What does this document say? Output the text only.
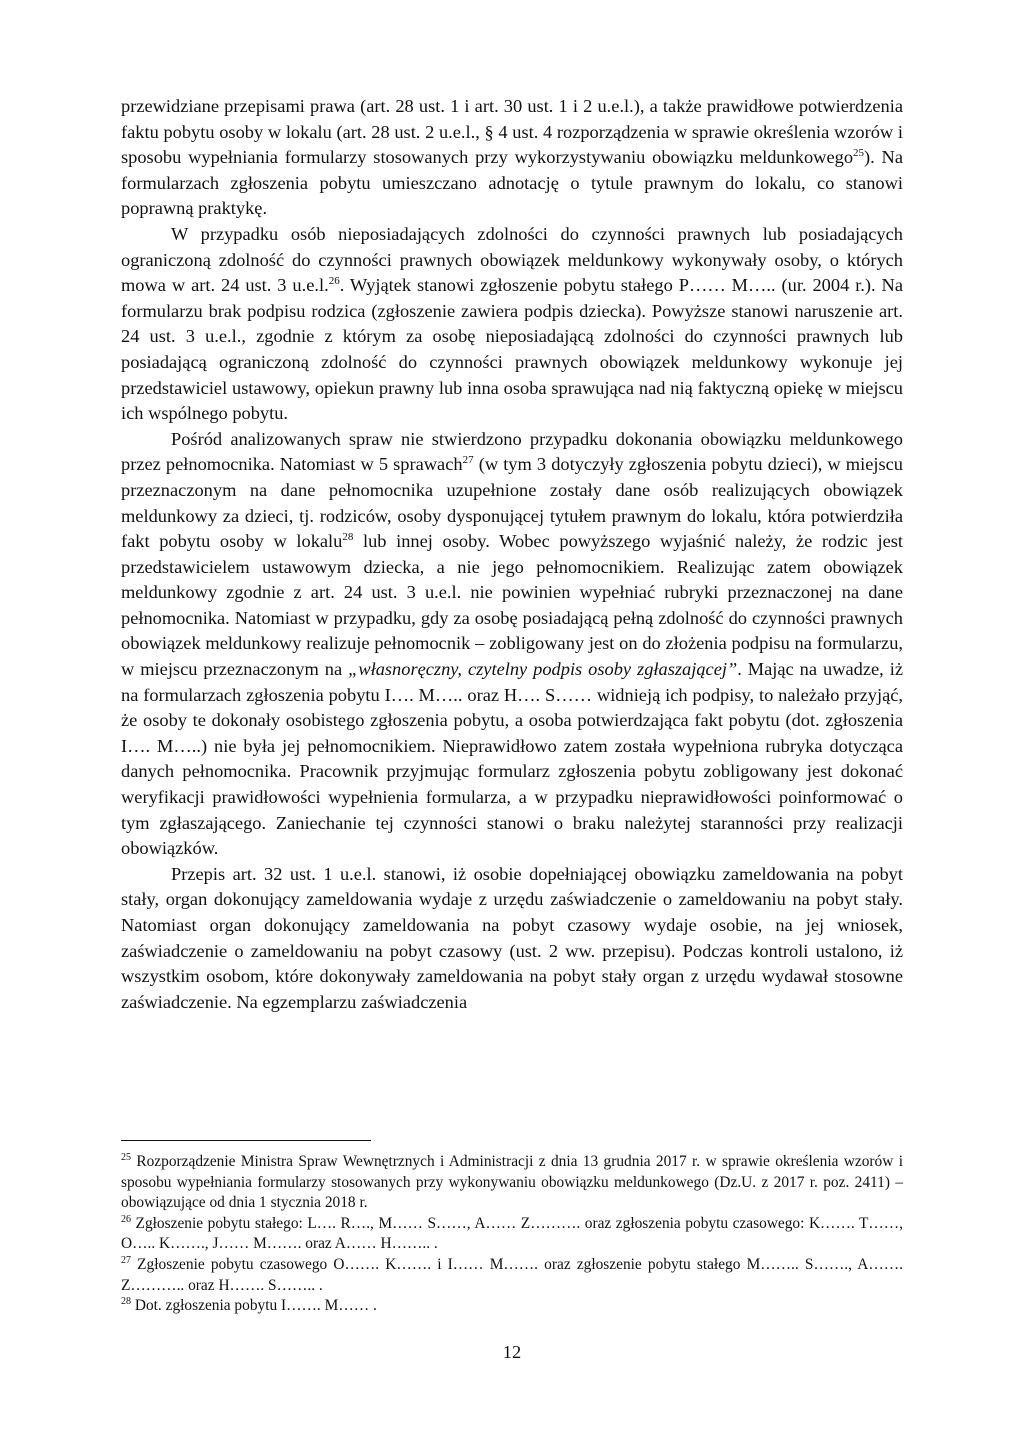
przewidziane przepisami prawa (art. 28 ust. 1 i art. 30 ust. 1 i 2 u.e.l.), a także prawidłowe potwierdzenia faktu pobytu osoby w lokalu (art. 28 ust. 2 u.e.l., § 4 ust. 4 rozporządzenia w sprawie określenia wzorów i sposobu wypełniania formularzy stosowanych przy wykorzystywaniu obowiązku meldunkowego$^{25}$). Na formularzach zgłoszenia pobytu umieszczano adnotację o tytule prawnym do lokalu, co stanowi poprawną praktykę.

W przypadku osób nieposiadających zdolności do czynności prawnych lub posiadających ograniczoną zdolność do czynności prawnych obowiązek meldunkowy wykonywały osoby, o których mowa w art. 24 ust. 3 u.e.l.$^{26}$. Wyjątek stanowi zgłoszenie pobytu stałego P…… M….. (ur. 2004 r.). Na formularzu brak podpisu rodzica (zgłoszenie zawiera podpis dziecka). Powyższe stanowi naruszenie art. 24 ust. 3 u.e.l., zgodnie z którym za osobę nieposiadającą zdolności do czynności prawnych lub posiadającą ograniczoną zdolność do czynności prawnych obowiązek meldunkowy wykonuje jej przedstawiciel ustawowy, opiekun prawny lub inna osoba sprawująca nad nią faktyczną opiekę w miejscu ich wspólnego pobytu.

Pośród analizowanych spraw nie stwierdzono przypadku dokonania obowiązku meldunkowego przez pełnomocnika. Natomiast w 5 sprawach$^{27}$ (w tym 3 dotyczyły zgłoszenia pobytu dzieci), w miejscu przeznaczonym na dane pełnomocnika uzupełnione zostały dane osób realizujących obowiązek meldunkowy za dzieci, tj. rodziców, osoby dysponującej tytułem prawnym do lokalu, która potwierdziła fakt pobytu osoby w lokalu$^{28}$ lub innej osoby. Wobec powyższego wyjaśnić należy, że rodzic jest przedstawicielem ustawowym dziecka, a nie jego pełnomocnikiem. Realizując zatem obowiązek meldunkowy zgodnie z art. 24 ust. 3 u.e.l. nie powinien wypełniać rubryki przeznaczonej na dane pełnomocnika. Natomiast w przypadku, gdy za osobę posiadającą pełną zdolność do czynności prawnych obowiązek meldunkowy realizuje pełnomocnik – zobligowany jest on do złożenia podpisu na formularzu, w miejscu przeznaczonym na „własnoręczny, czytelny podpis osoby zgłaszającej”. Mając na uwadze, iż na formularzach zgłoszenia pobytu I…. M….. oraz H…. S…… widnieją ich podpisy, to należało przyjąć, że osoby te dokonały osobistego zgłoszenia pobytu, a osoba potwierdzająca fakt pobytu (dot. zgłoszenia I…. M…..) nie była jej pełnomocnikiem. Nieprawidłowo zatem została wypełniona rubryka dotycząca danych pełnomocnika. Pracownik przyjmując formularz zgłoszenia pobytu zobligowany jest dokonać weryfikacji prawidłowości wypełnienia formularza, a w przypadku nieprawidłowości poinformować o tym zgłaszającego. Zaniechanie tej czynności stanowi o braku należytej staranności przy realizacji obowiązków.

Przepis art. 32 ust. 1 u.e.l. stanowi, iż osobie dopełniającej obowiązku zameldowania na pobyt stały, organ dokonujący zameldowania wydaje z urzędu zaświadczenie o zameldowaniu na pobyt stały. Natomiast organ dokonujący zameldowania na pobyt czasowy wydaje osobie, na jej wniosek, zaświadczenie o zameldowaniu na pobyt czasowy (ust. 2 ww. przepisu). Podczas kontroli ustalono, iż wszystkim osobom, które dokonywały zameldowania na pobyt stały organ z urzędu wydawał stosowne zaświadczenie. Na egzemplarzu zaświadczenia

$^{25}$ Rozporządzenie Ministra Spraw Wewnętrznych i Administracji z dnia 13 grudnia 2017 r. w sprawie określenia wzorów i sposobu wypełniania formularzy stosowanych przy wykonywaniu obowiązku meldunkowego (Dz.U. z 2017 r. poz. 2411) – obowiązujące od dnia 1 stycznia 2018 r.

$^{26}$ Zgłoszenie pobytu stałego: L…. R…., M…… S……, A…… Z………. oraz zgłoszenia pobytu czasowego: K……. T……, O….. K……., J…… M……. oraz A…… H…….. .

$^{27}$ Zgłoszenie pobytu czasowego O……. K……. i I…… M……. oraz zgłoszenie pobytu stałego M…….. S……., A……. Z……….. oraz H……. S…….. .

$^{28}$ Dot. zgłoszenia pobytu I……. M…… .

12
